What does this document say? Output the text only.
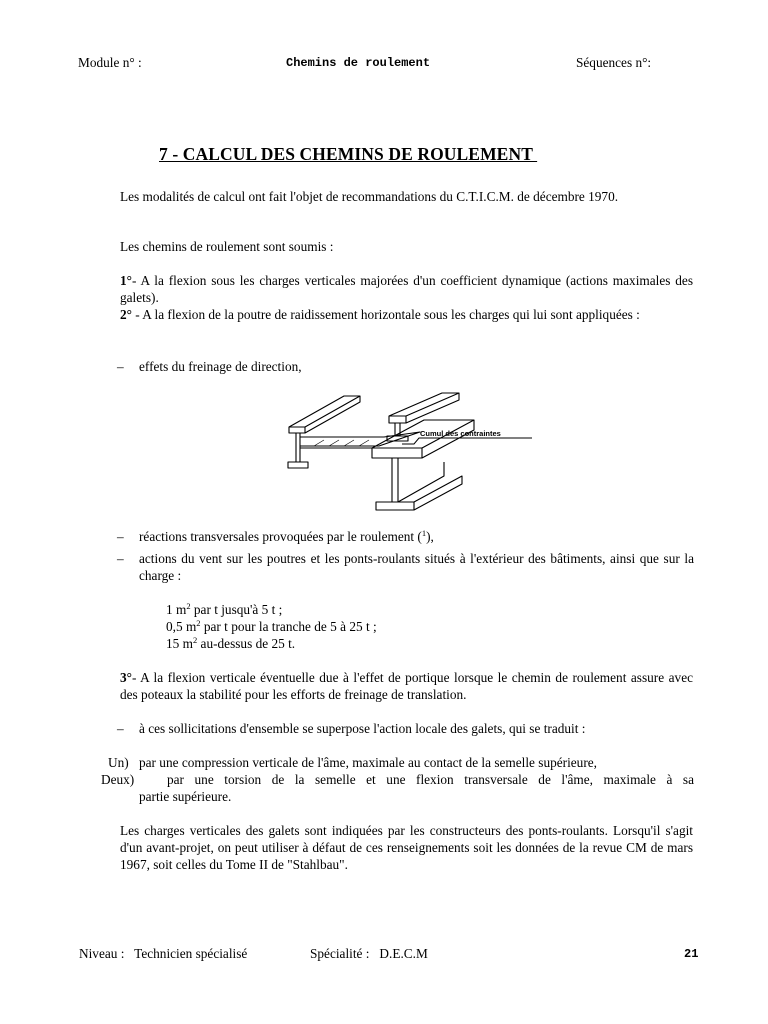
Module n° :	Chemins de roulement	Séquences n°:
7 - CALCUL DES CHEMINS DE ROULEMENT
Les modalités de calcul ont fait l'objet de recommandations du C.T.I.C.M. de décembre 1970.
Les chemins de roulement sont soumis :
1°- A la flexion sous les charges verticales majorées d'un coefficient dynamique (actions maximales des galets).
2° - A la flexion de la poutre de raidissement horizontale sous les charges qui lui sont appliquées :
– effets du freinage de direction,
Cumul des contraintes
– réactions transversales provoquées par le roulement ($^1$),
– actions du vent sur les poutres et les ponts-roulants situés à l'extérieur des bâtiments, ainsi que sur la charge :
1 $m^2$ par t jusqu'à 5 t ;
0,5 $m^2$ par t pour la tranche de 5 à 25 t ;
15 $m^2$ au-dessus de 25 t.
3°- A la flexion verticale éventuelle due à l'effet de portique lorsque le chemin de roulement assure avec des poteaux la stabilité pour les efforts de freinage de translation.
– à ces sollicitations d'ensemble se superpose l'action locale des galets, qui se traduit :
Un) par une compression verticale de l'âme, maximale au contact de la semelle supérieure,
Deux) par une torsion de la semelle et une flexion transversale de l'âme, maximale à sa
partie supérieure.
Les charges verticales des galets sont indiquées par les constructeurs des ponts-roulants. Lorsqu'il s'agit d'un avant-projet, on peut utiliser à défaut de ces renseignements soit les données de la revue CM de mars 1967, soit celles du Tome II de "Stahlbau".
Niveau :   Technicien spécialisé	Spécialité :   D.E.C.M	21
